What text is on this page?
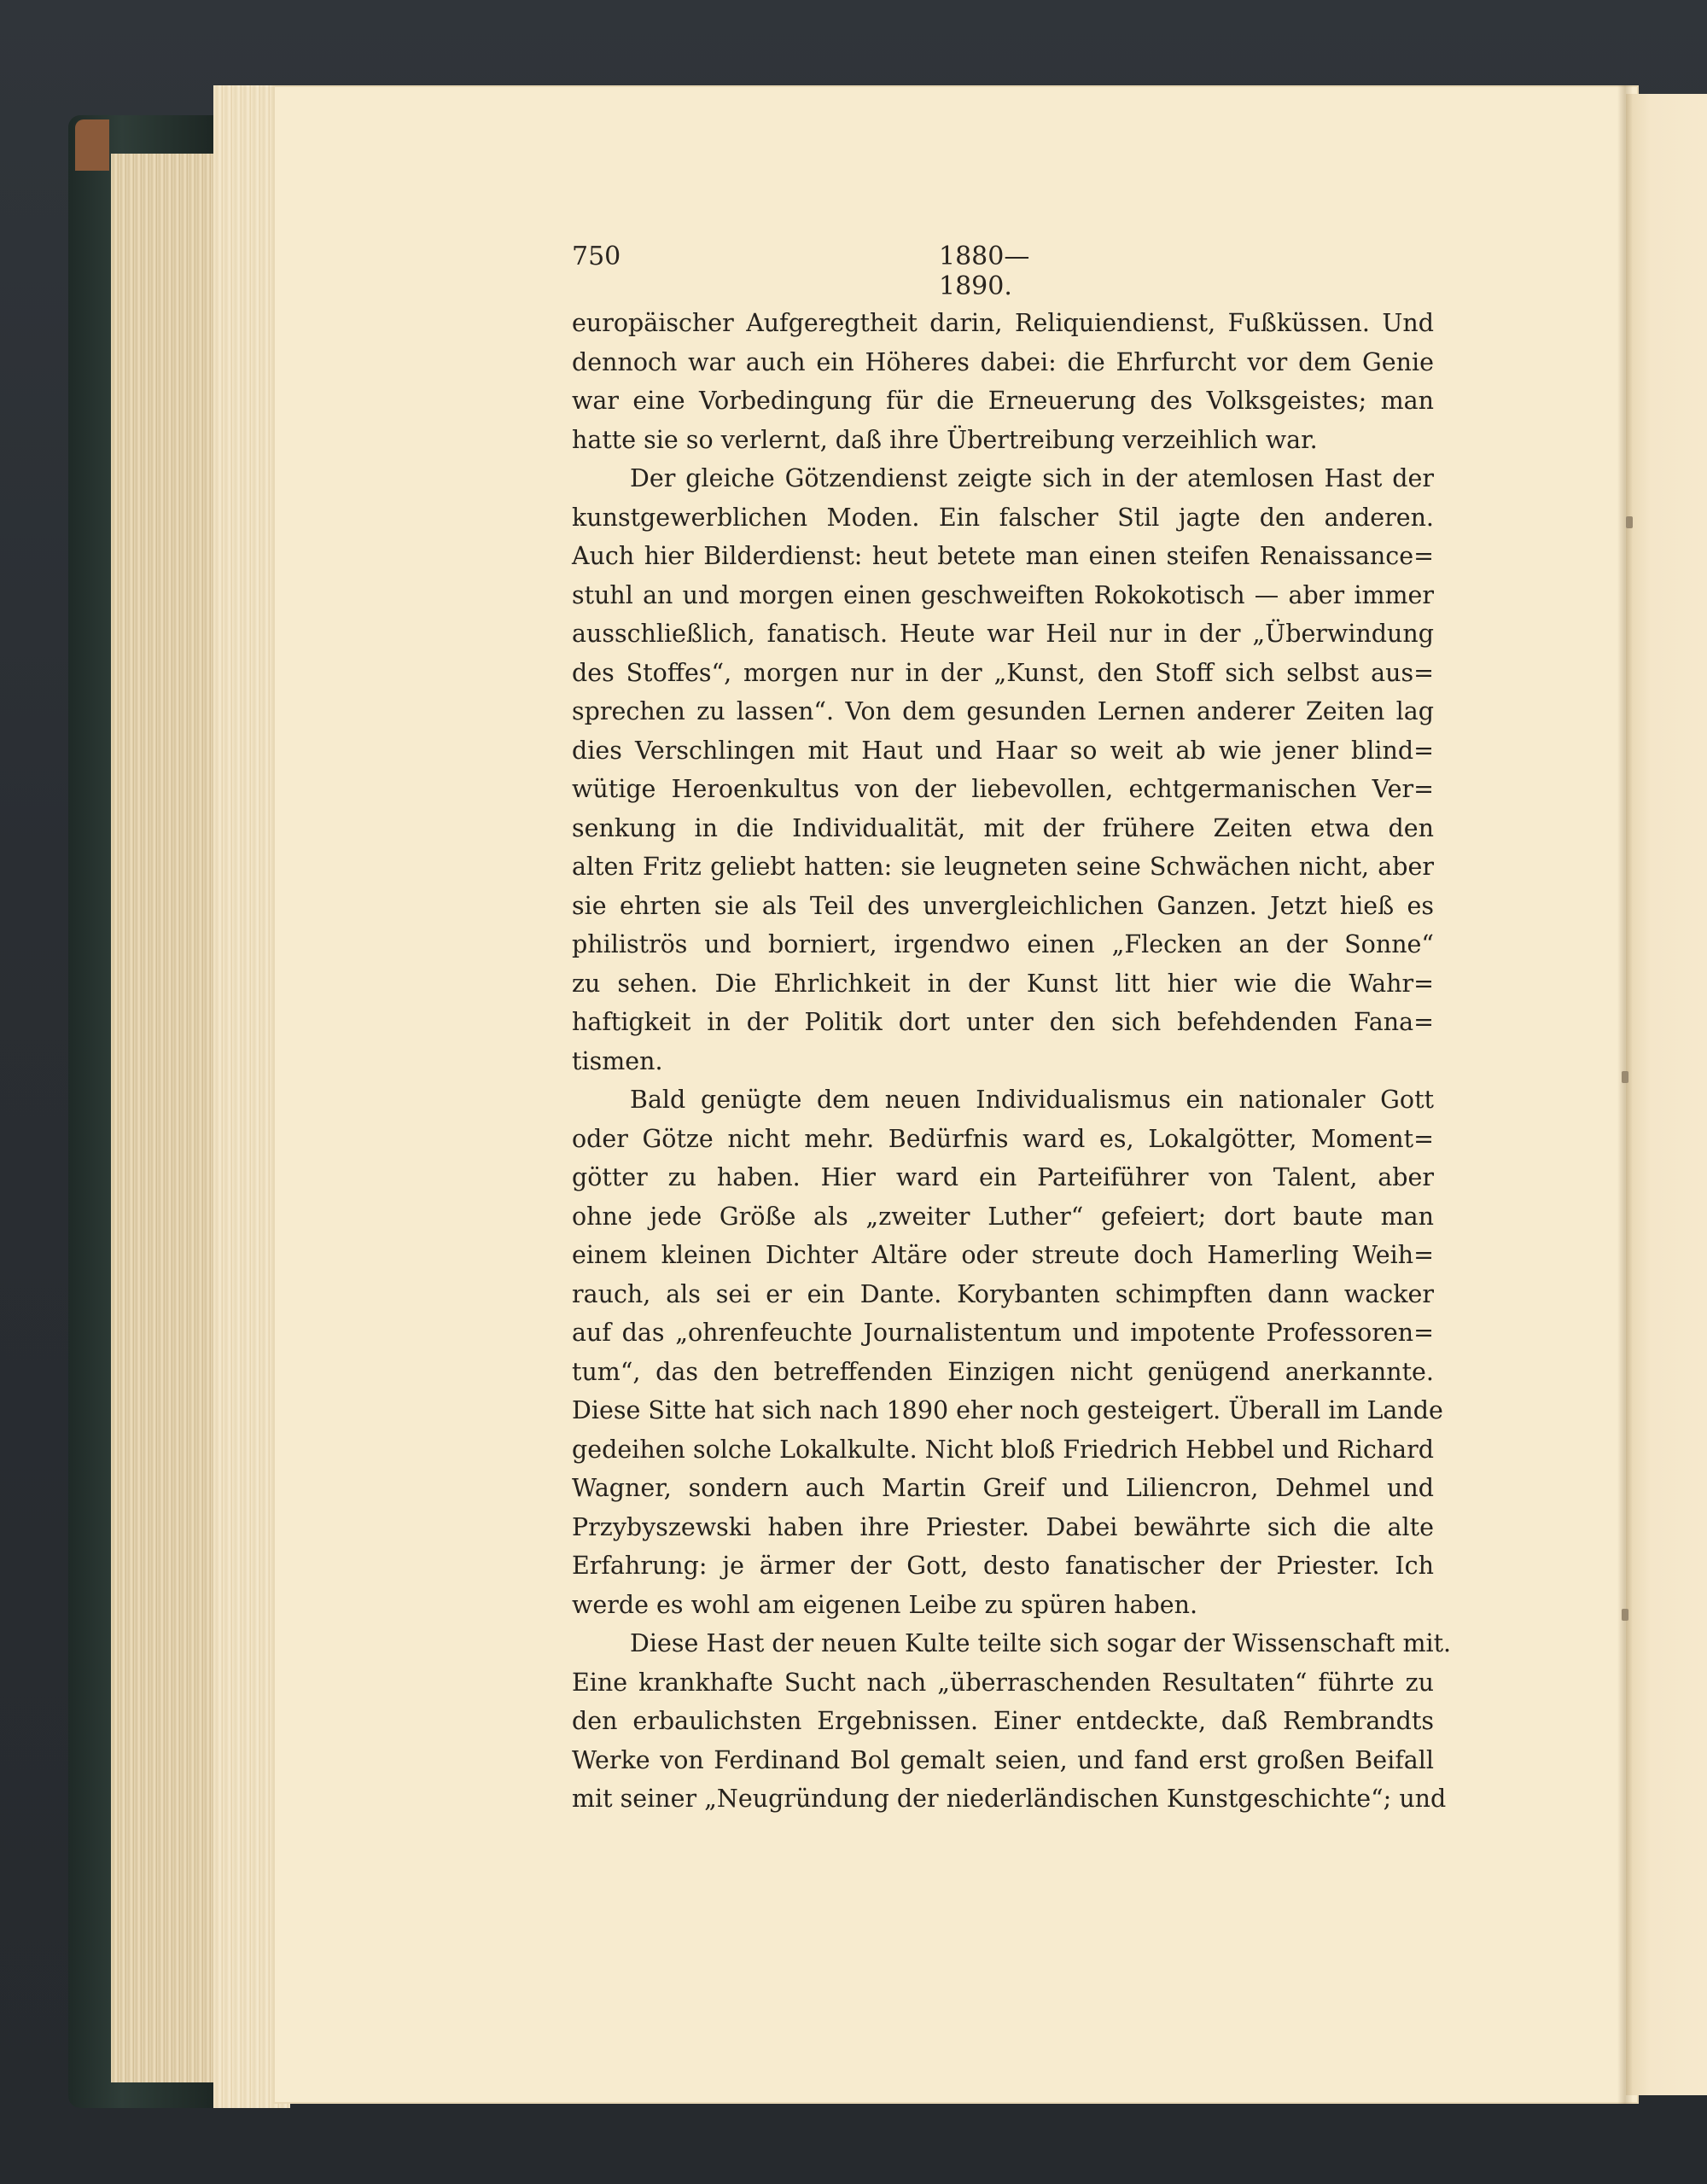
750	1880—1890.
europäischer Aufgeregtheit darin, Reliquiendienst, Fußküssen. Und
dennoch war auch ein Höheres dabei: die Ehrfurcht vor dem Genie
war eine Vorbedingung für die Erneuerung des Volksgeistes; man
hatte sie so verlernt, daß ihre Übertreibung verzeihlich war.
Der gleiche Götzendienst zeigte sich in der atemlosen Hast der
kunstgewerblichen Moden. Ein falscher Stil jagte den anderen.
Auch hier Bilderdienst: heut betete man einen steifen Renaissance=
stuhl an und morgen einen geschweiften Rokokotisch — aber immer
ausschließlich, fanatisch. Heute war Heil nur in der „Überwindung
des Stoffes“, morgen nur in der „Kunst, den Stoff sich selbst aus=
sprechen zu lassen“. Von dem gesunden Lernen anderer Zeiten lag
dies Verschlingen mit Haut und Haar so weit ab wie jener blind=
wütige Heroenkultus von der liebevollen, echtgermanischen Ver=
senkung in die Individualität, mit der frühere Zeiten etwa den
alten Fritz geliebt hatten: sie leugneten seine Schwächen nicht, aber
sie ehrten sie als Teil des unvergleichlichen Ganzen. Jetzt hieß es
philiströs und borniert, irgendwo einen „Flecken an der Sonne“
zu sehen. Die Ehrlichkeit in der Kunst litt hier wie die Wahr=
haftigkeit in der Politik dort unter den sich befehdenden Fana=
tismen.
Bald genügte dem neuen Individualismus ein nationaler Gott
oder Götze nicht mehr. Bedürfnis ward es, Lokalgötter, Moment=
götter zu haben. Hier ward ein Parteiführer von Talent, aber
ohne jede Größe als „zweiter Luther“ gefeiert; dort baute man
einem kleinen Dichter Altäre oder streute doch Hamerling Weih=
rauch, als sei er ein Dante. Korybanten schimpften dann wacker
auf das „ohrenfeuchte Journalistentum und impotente Professoren=
tum“, das den betreffenden Einzigen nicht genügend anerkannte.
Diese Sitte hat sich nach 1890 eher noch gesteigert. Überall im Lande
gedeihen solche Lokalkulte. Nicht bloß Friedrich Hebbel und Richard
Wagner, sondern auch Martin Greif und Liliencron, Dehmel und
Przybyszewski haben ihre Priester. Dabei bewährte sich die alte
Erfahrung: je ärmer der Gott, desto fanatischer der Priester. Ich
werde es wohl am eigenen Leibe zu spüren haben.
Diese Hast der neuen Kulte teilte sich sogar der Wissenschaft mit.
Eine krankhafte Sucht nach „überraschenden Resultaten“ führte zu
den erbaulichsten Ergebnissen. Einer entdeckte, daß Rembrandts
Werke von Ferdinand Bol gemalt seien, und fand erst großen Beifall
mit seiner „Neugründung der niederländischen Kunstgeschichte“; und
